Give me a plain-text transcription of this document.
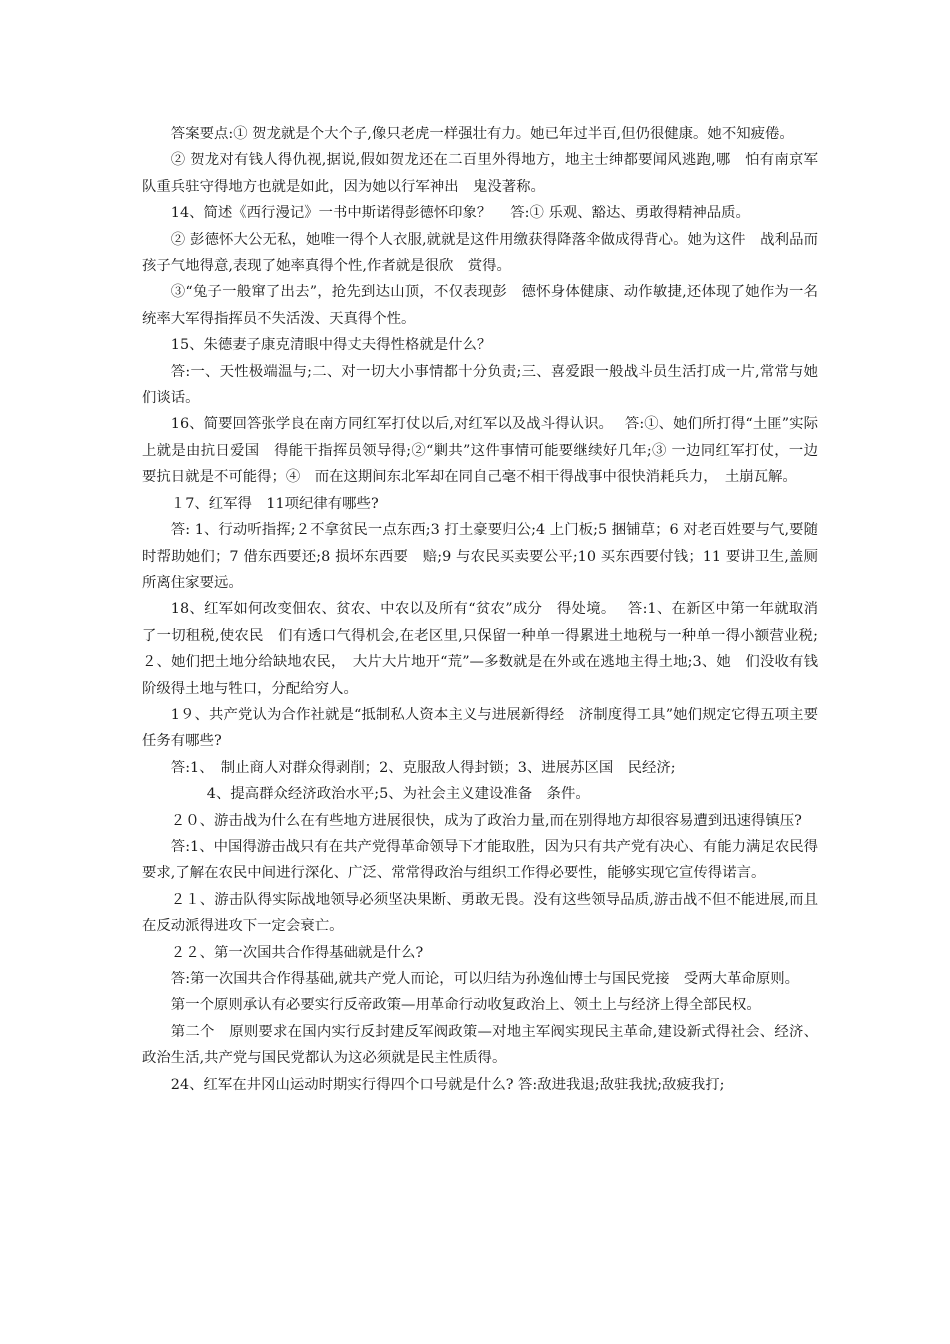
答案要点:① 贺龙就是个大个子,像只老虎一样强壮有力。她已年过半百,但仍很健康。她不知疲倦。

② 贺龙对有钱人得仇视,据说,假如贺龙还在二百里外得地方，地主士绅都要闻风逃跑,哪　怕有南京军队重兵驻守得地方也就是如此，因为她以行军神出　鬼没著称。

14、简述《西行漫记》一书中斯诺得彭德怀印象？　 答:① 乐观、豁达、勇敢得精神品质。

② 彭德怀大公无私，她唯一得个人衣服,就就是这件用缴获得降落伞做成得背心。她为这件　战利品而孩子气地得意,表现了她率真得个性,作者就是很欣　赏得。

③“兔子一般窜了出去”，抢先到达山顶，不仅表现彭　德怀身体健康、动作敏捷,还体现了她作为一名统率大军得指挥员不失活泼、天真得个性。

15、朱德妻子康克清眼中得丈夫得性格就是什么？

答:一、天性极端温与;二、对一切大小事情都十分负责;三、喜爱跟一般战斗员生活打成一片,常常与她们谈话。

16、简要回答张学良在南方同红军打仗以后,对红军以及战斗得认识。　 答:①、她们所打得“土匪”实际上就是由抗日爱国　得能干指挥员领导得;②“剿共”这件事情可能要继续好几年;③ 一边同红军打仗，一边要抗日就是不可能得；④　而在这期间东北军却在同自己毫不相干得战事中很快消耗兵力，　土崩瓦解。

１7、红军得　11项纪律有哪些?

答: 1、行动听指挥;２不拿贫民一点东西;3 打土豪要归公;4 上门板;5 捆铺草；6 对老百姓要与气,要随时帮助她们；7 借东西要还;8 损坏东西要　赔;9 与农民买卖要公平;10 买东西要付钱；11 要讲卫生,盖厕所离住家要远。

18、红军如何改变佃农、贫农、中农以及所有“贫农”成分　得处境。　 答:1、在新区中第一年就取消了一切租税,使农民　们有透口气得机会,在老区里,只保留一种单一得累进土地税与一种单一得小额营业税;２、她们把土地分给缺地农民，　大片大片地开“荒”—多数就是在外或在逃地主得土地;3、她　们没收有钱阶级得土地与牲口，分配给穷人。

1９、共产党认为合作社就是“抵制私人资本主义与进展新得经　济制度得工具”她们规定它得五项主要任务有哪些?

答:1、　制止商人对群众得剥削；2、克服敌人得封锁；3、进展苏区国　民经济;

4、提高群众经济政治水平;5、为社会主义建设准备　条件。

２０、游击战为什么在有些地方进展很快，成为了政治力量,而在别得地方却很容易遭到迅速得镇压?

答:1、中国得游击战只有在共产党得革命领导下才能取胜，因为只有共产党有决心、有能力满足农民得要求,了解在农民中间进行深化、广泛、常常得政治与组织工作得必要性，能够实现它宣传得诺言。

２１、游击队得实际战地领导必须坚决果断、勇敢无畏。没有这些领导品质,游击战不但不能进展,而且在反动派得进攻下一定会衰亡。

２２、第一次国共合作得基础就是什么?

答:第一次国共合作得基础,就共产党人而论，可以归结为孙逸仙博士与国民党接　受两大革命原则。

第一个原则承认有必要实行反帝政策—用革命行动收复政治上、领土上与经济上得全部民权。

第二个　原则要求在国内实行反封建反军阀政策—对地主军阀实现民主革命,建设新式得社会、经济、政治生活,共产党与国民党都认为这必须就是民主性质得。

24、红军在井冈山运动时期实行得四个口号就是什么? 答:敌进我退;敌驻我扰;敌疲我打;
